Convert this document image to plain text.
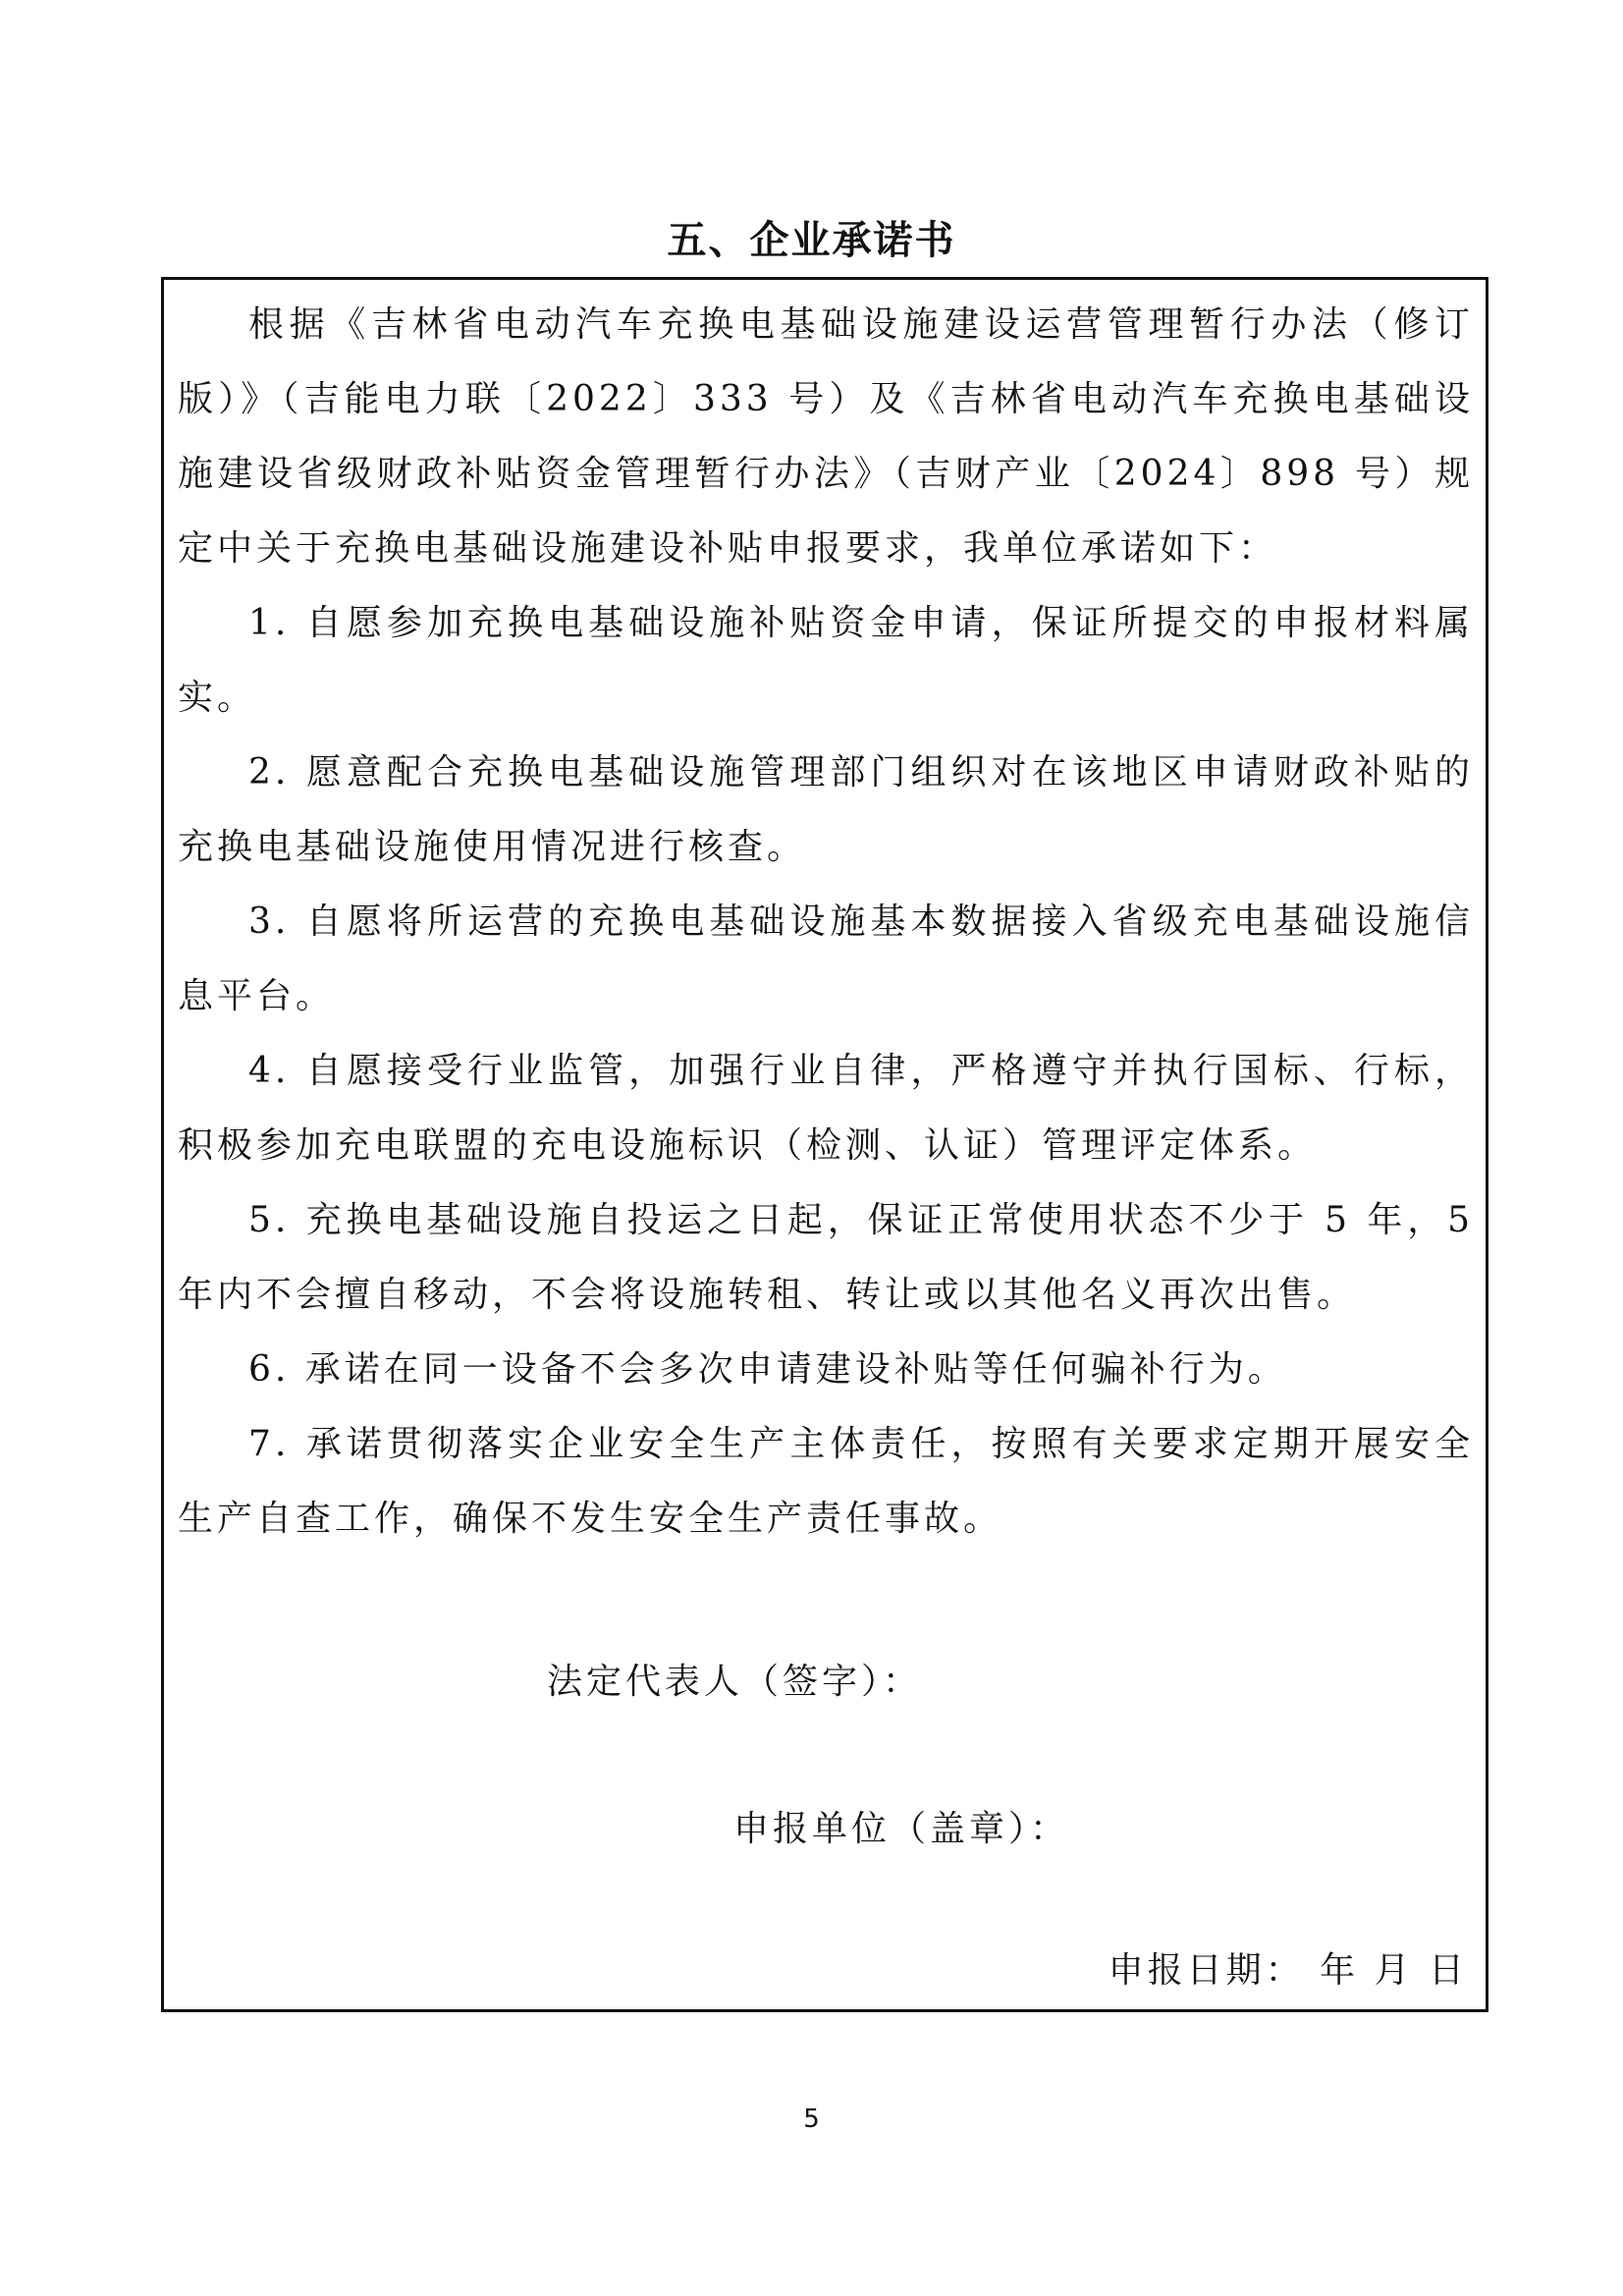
五、企业承诺书

根据《吉林省电动汽车充换电基础设施建设运营管理暂行办法（修订版）》（吉能电力联〔2022〕333 号）及《吉林省电动汽车充换电基础设施建设省级财政补贴资金管理暂行办法》（吉财产业〔2024〕898 号）规定中关于充换电基础设施建设补贴申报要求，我单位承诺如下：

1. 自愿参加充换电基础设施补贴资金申请，保证所提交的申报材料属实。

2. 愿意配合充换电基础设施管理部门组织对在该地区申请财政补贴的充换电基础设施使用情况进行核查。

3. 自愿将所运营的充换电基础设施基本数据接入省级充电基础设施信息平台。

4. 自愿接受行业监管，加强行业自律，严格遵守并执行国标、行标，积极参加充电联盟的充电设施标识（检测、认证）管理评定体系。

5. 充换电基础设施自投运之日起，保证正常使用状态不少于 5 年，5 年内不会擅自移动，不会将设施转租、转让或以其他名义再次出售。

6. 承诺在同一设备不会多次申请建设补贴等任何骗补行为。

7. 承诺贯彻落实企业安全生产主体责任，按照有关要求定期开展安全生产自查工作，确保不发生安全生产责任事故。

法定代表人（签字）：
申报单位（盖章）：
申报日期： 年 月 日
5
